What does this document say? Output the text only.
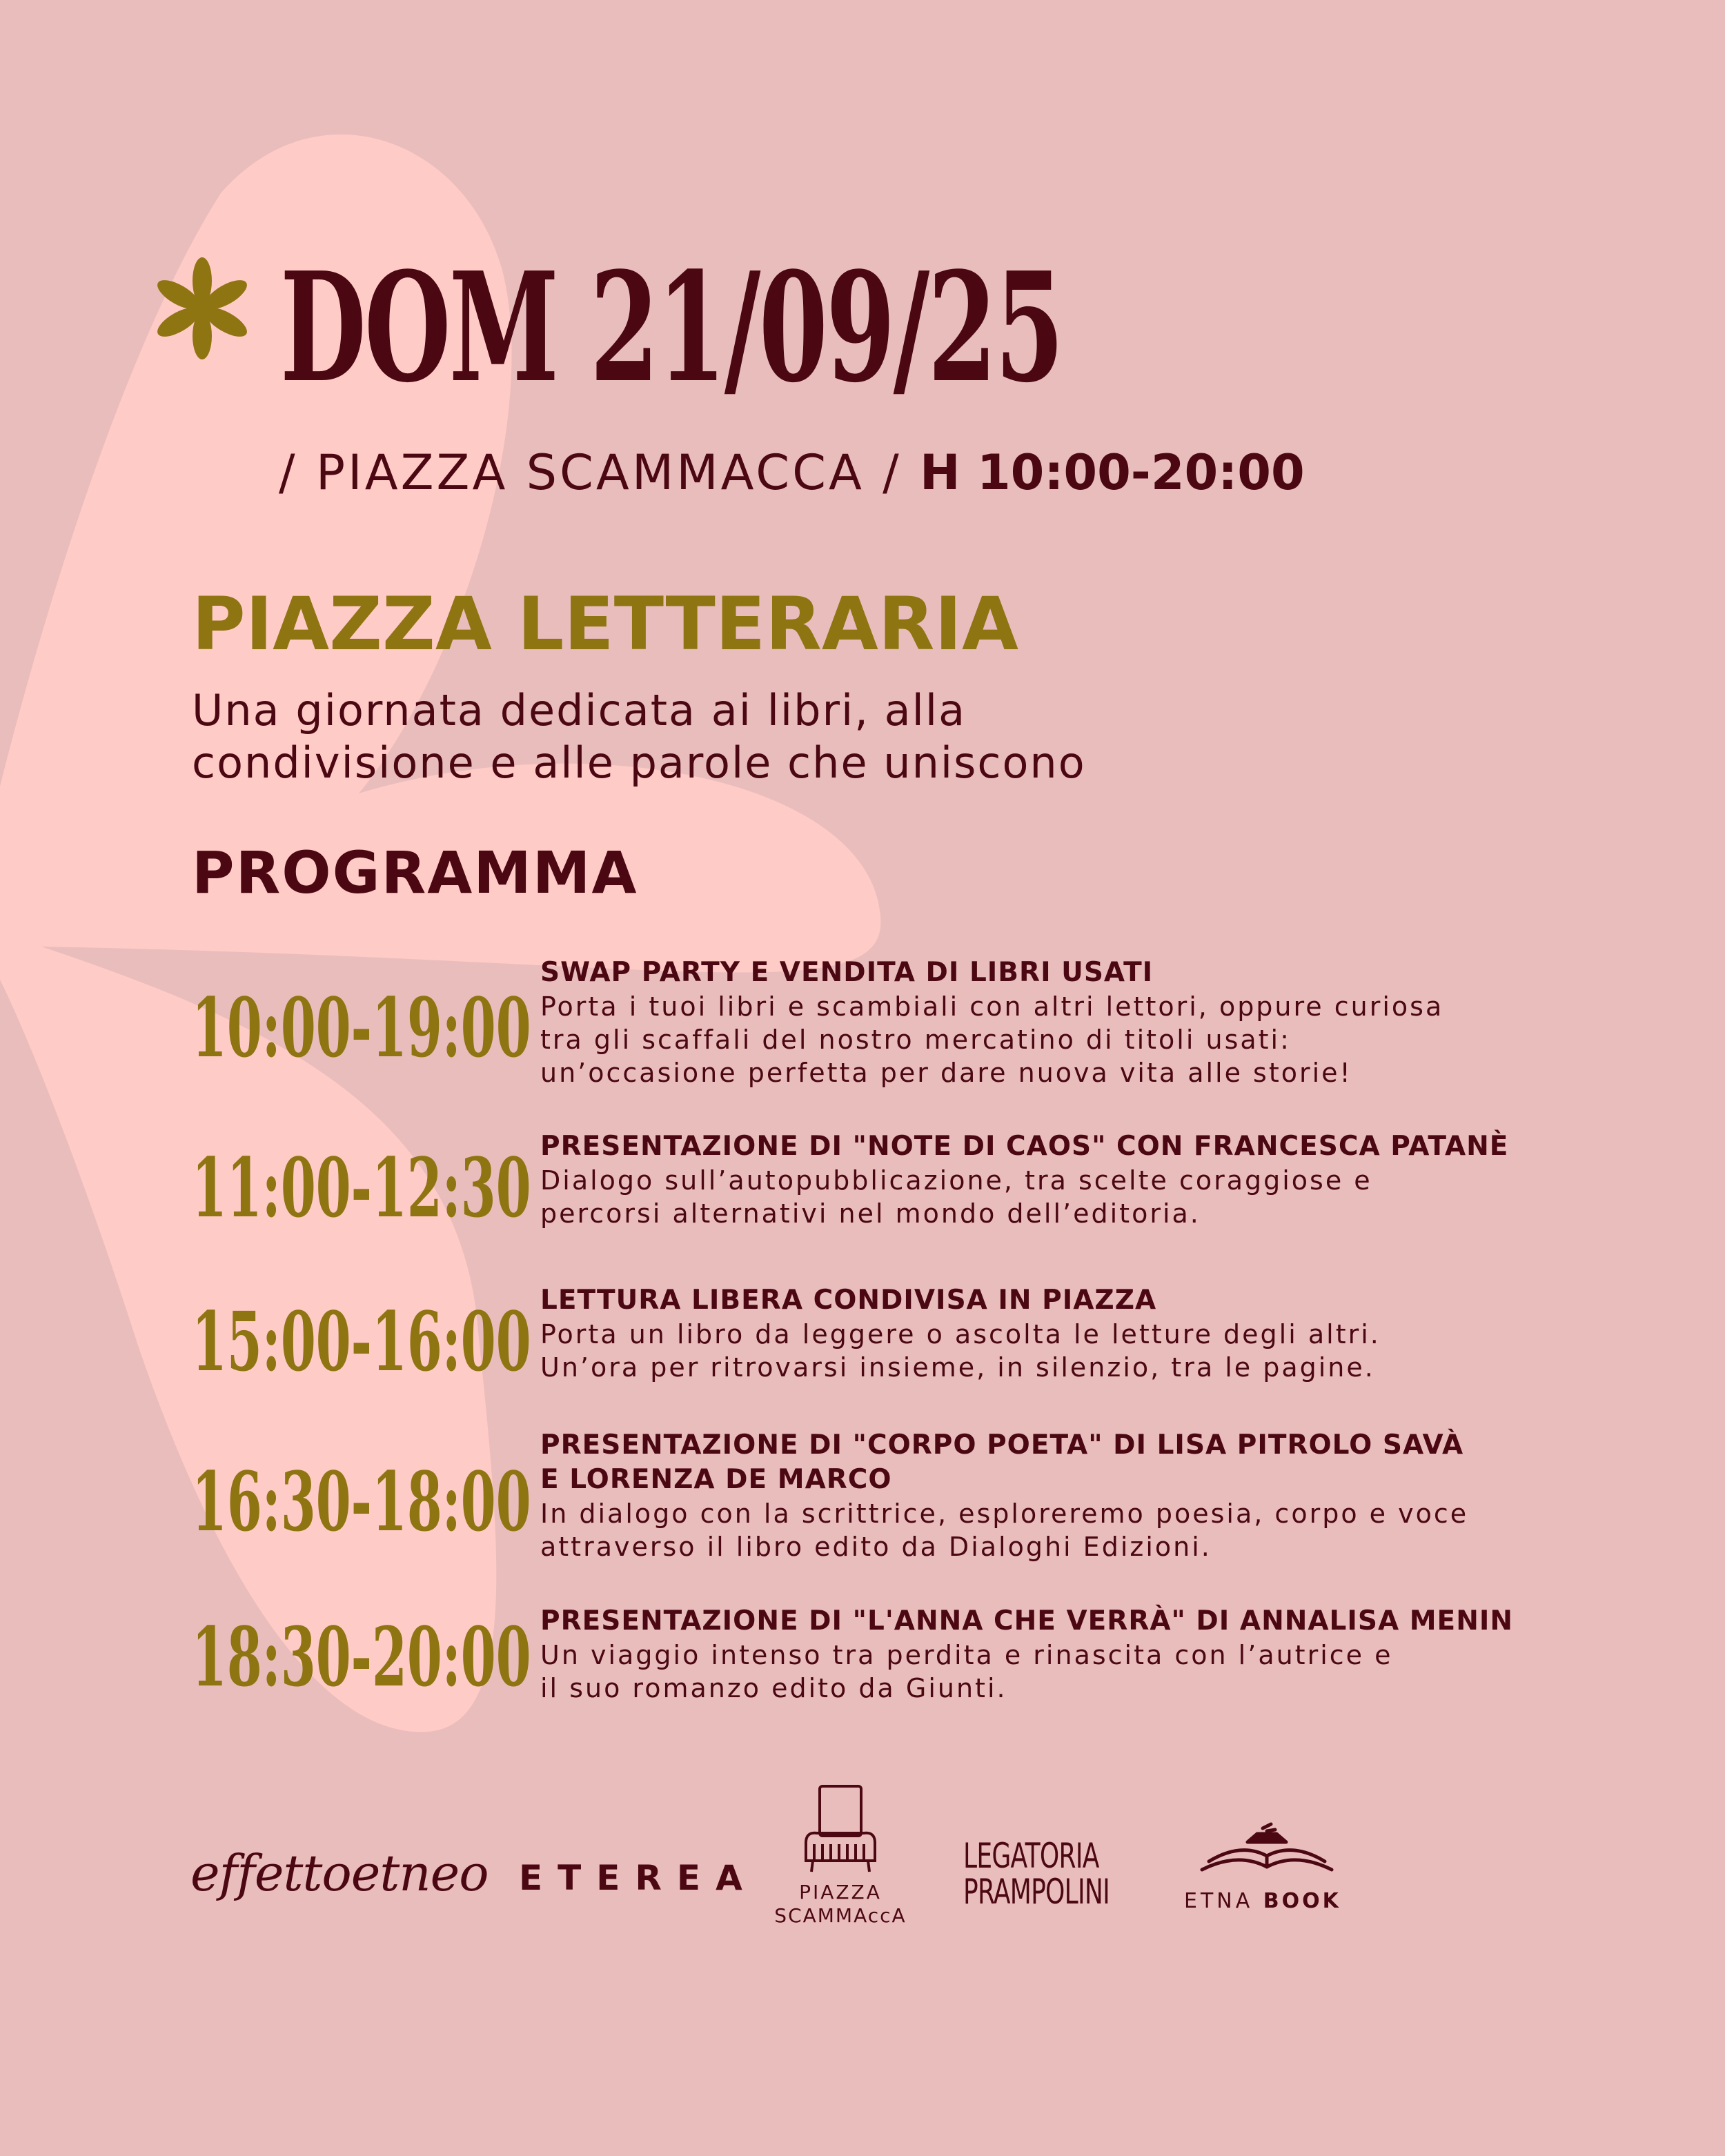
DOM 21/09/25
/ PIAZZA SCAMMACCA / H 10:00-20:00
PIAZZA LETTERARIA
Una giornata dedicata ai libri, alla
condivisione e alle parole che uniscono
PROGRAMMA
10:00-19:00
SWAP PARTY E VENDITA DI LIBRI USATI
Porta i tuoi libri e scambiali con altri lettori, oppure curiosa
tra gli scaffali del nostro mercatino di titoli usati:
un’occasione perfetta per dare nuova vita alle storie!
11:00-12:30 PRESENTAZIONE DI "NOTE DI CAOS" CON FRANCESCA PATANÈ
Dialogo sull’autopubblicazione, tra scelte coraggiose e
percorsi alternativi nel mondo dell’editoria.
15:00-16:00 LETTURA LIBERA CONDIVISA IN PIAZZA
Porta un libro da leggere o ascolta le letture degli altri.
Un’ora per ritrovarsi insieme, in silenzio, tra le pagine.
16:30-18:00
PRESENTAZIONE DI "CORPO POETA" DI LISA PITROLO SAVÀ
E LORENZA DE MARCO
In dialogo con la scrittrice, esploreremo poesia, corpo e voce
attraverso il libro edito da Dialoghi Edizioni.
18:30-20:00 PRESENTAZIONE DI "L'ANNA CHE VERRÀ" DI ANNALISA MENIN
Un viaggio intenso tra perdita e rinascita con l’autrice e
il suo romanzo edito da Giunti.
effettoetneo ETEREA	PIAZZA
SCAMMAccA
LEGATORIA
PRAMPOLINI	ETNA BOOK
